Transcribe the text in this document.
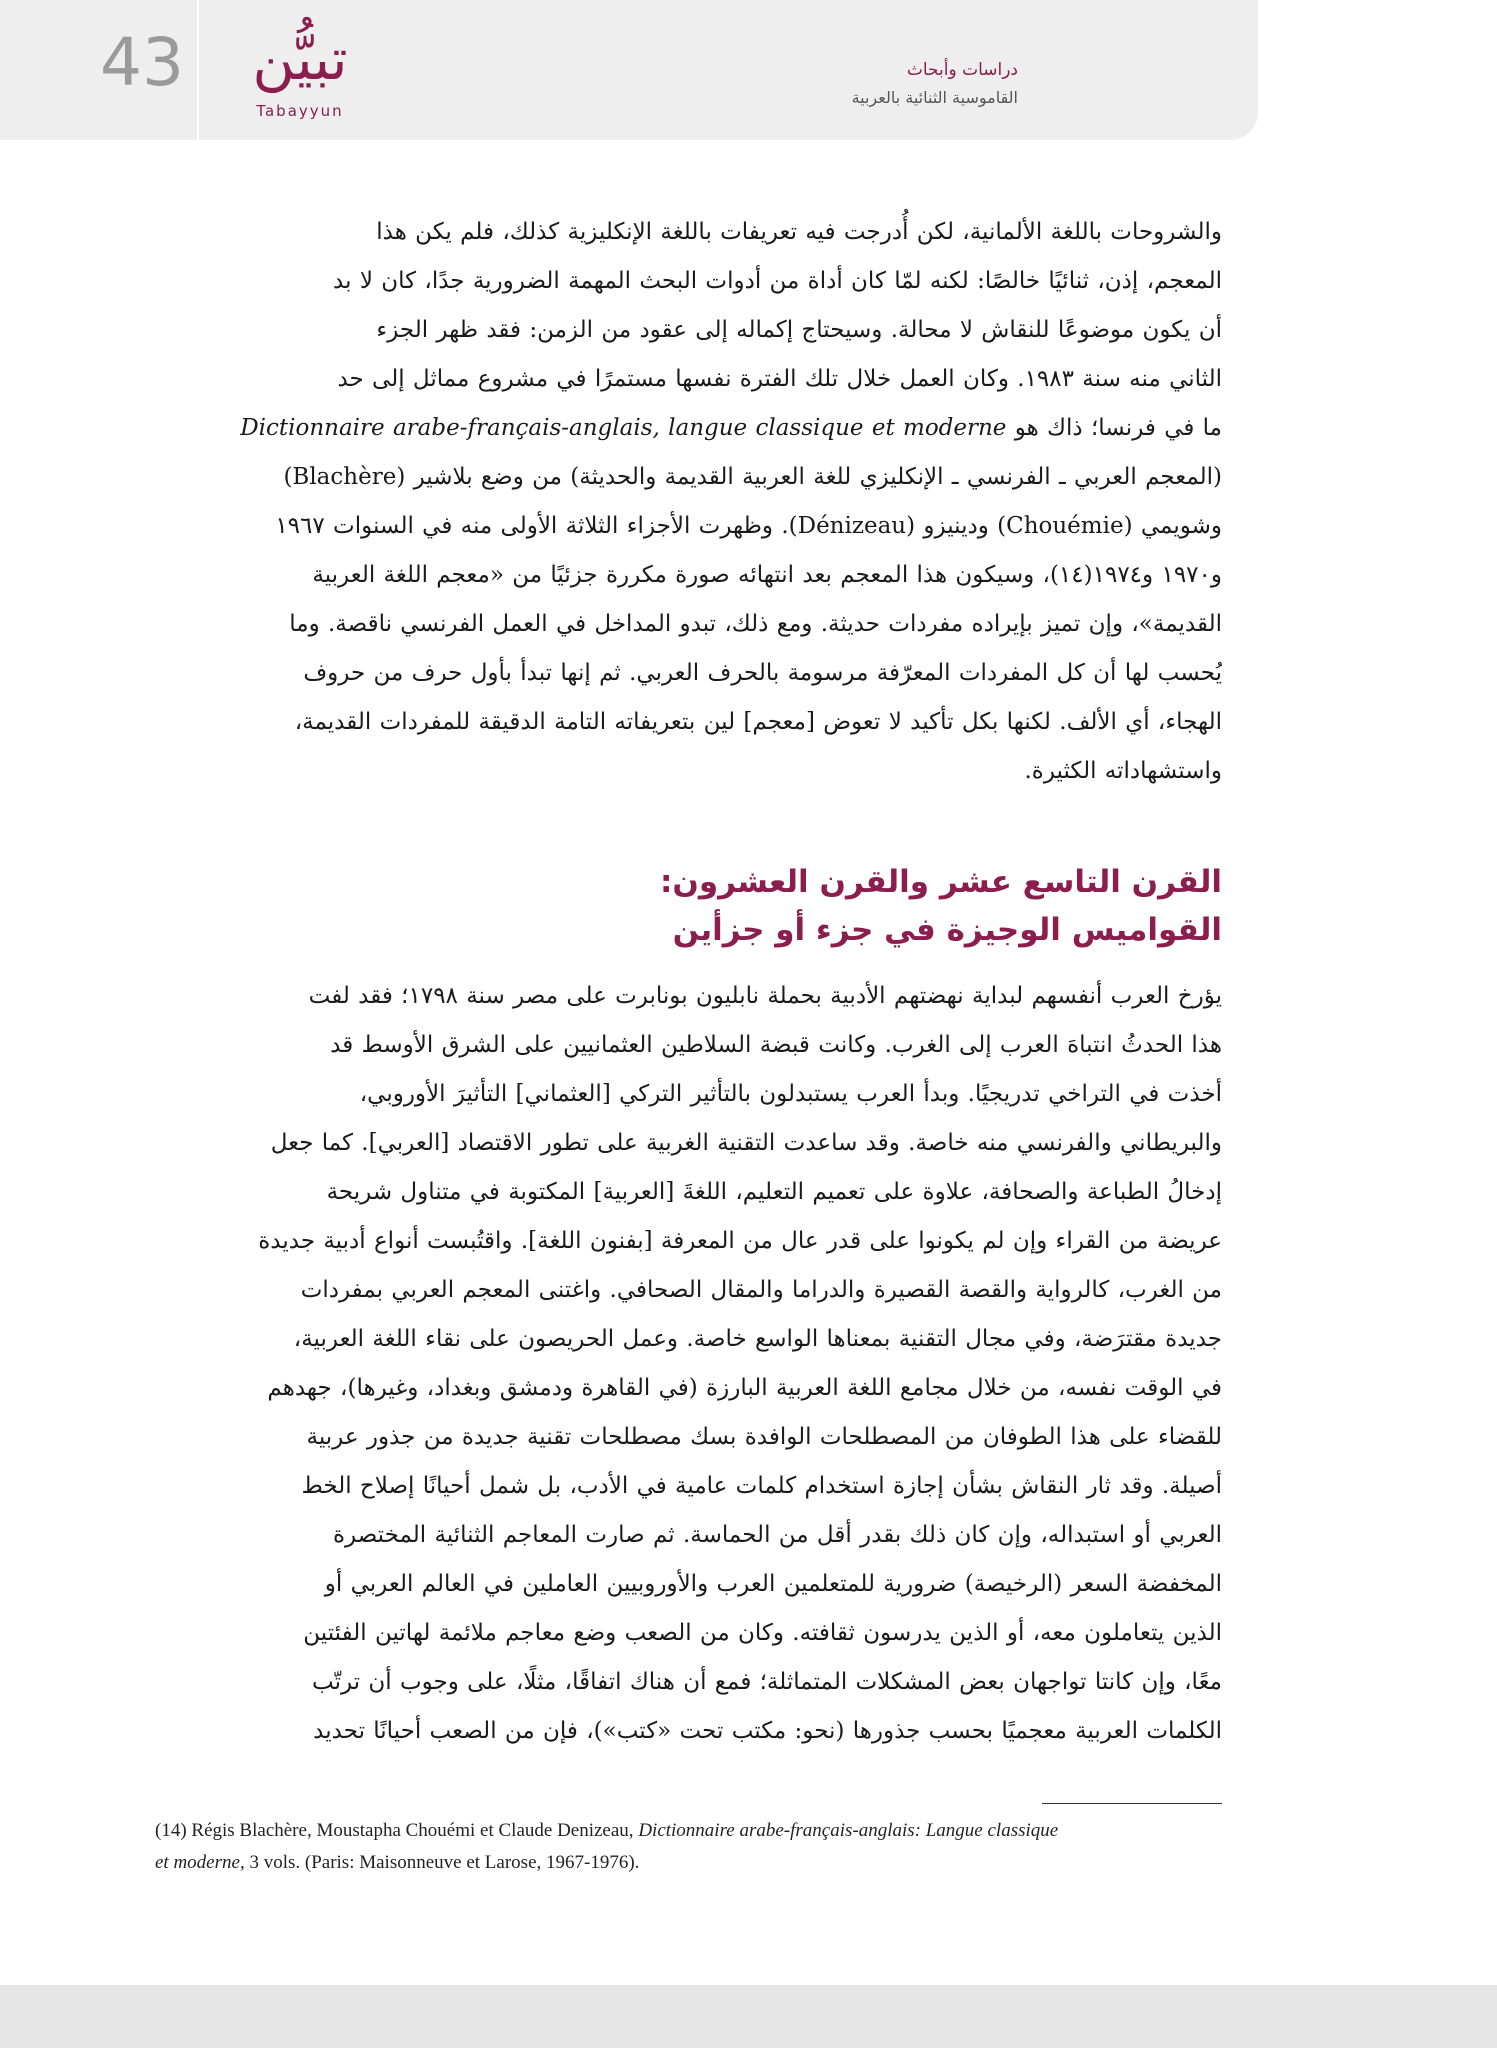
43	تبيُّن
Tabayyun
دراسات وأبحاث
القاموسية الثنائية بالعربية
والشروحات باللغة الألمانية، لكن أُدرجت فيه تعريفات باللغة الإنكليزية كذلك، فلم يكن هذا
المعجم، إذن، ثنائيًا خالصًا: لكنه لمّا كان أداة من أدوات البحث المهمة الضرورية جدًا، كان لا بد
أن يكون موضوعًا للنقاش لا محالة. وسيحتاج إكماله إلى عقود من الزمن: فقد ظهر الجزء
الثاني منه سنة ١٩٨٣. وكان العمل خلال تلك الفترة نفسها مستمرًا في مشروع مماثل إلى حد
ما في فرنسا؛ ذاك هو Dictionnaire arabe-français-anglais, langue classique et moderne
(المعجم العربي ـ الفرنسي ـ الإنكليزي للغة العربية القديمة والحديثة) من وضع بلاشير (Blachère)
وشويمي (Chouémie) ودينيزو (Dénizeau). وظهرت الأجزاء الثلاثة الأولى منه في السنوات ١٩٦٧
و١٩٧٠ و١٩٧٤(١٤)، وسيكون هذا المعجم بعد انتهائه صورة مكررة جزئيًا من «معجم اللغة العربية
القديمة»، وإن تميز بإيراده مفردات حديثة. ومع ذلك، تبدو المداخل في العمل الفرنسي ناقصة. وما
يُحسب لها أن كل المفردات المعرّفة مرسومة بالحرف العربي. ثم إنها تبدأ بأول حرف من حروف
الهجاء، أي الألف. لكنها بكل تأكيد لا تعوض [معجم] لين بتعريفاته التامة الدقيقة للمفردات القديمة،
واستشهاداته الكثيرة.
القرن التاسع عشر والقرن العشرون:
القواميس الوجيزة في جزء أو جزأين
يؤرخ العرب أنفسهم لبداية نهضتهم الأدبية بحملة نابليون بونابرت على مصر سنة ١٧٩٨؛ فقد لفت
هذا الحدثُ انتباهَ العرب إلى الغرب. وكانت قبضة السلاطين العثمانيين على الشرق الأوسط قد
أخذت في التراخي تدريجيًا. وبدأ العرب يستبدلون بالتأثير التركي [العثماني] التأثيرَ الأوروبي،
والبريطاني والفرنسي منه خاصة. وقد ساعدت التقنية الغربية على تطور الاقتصاد [العربي]. كما جعل
إدخالُ الطباعة والصحافة، علاوة على تعميم التعليم، اللغةَ [العربية] المكتوبة في متناول شريحة
عريضة من القراء وإن لم يكونوا على قدر عال من المعرفة [بفنون اللغة]. واقتُبست أنواع أدبية جديدة
من الغرب، كالرواية والقصة القصيرة والدراما والمقال الصحافي. واغتنى المعجم العربي بمفردات
جديدة مقترَضة، وفي مجال التقنية بمعناها الواسع خاصة. وعمل الحريصون على نقاء اللغة العربية،
في الوقت نفسه، من خلال مجامع اللغة العربية البارزة (في القاهرة ودمشق وبغداد، وغيرها)، جهدهم
للقضاء على هذا الطوفان من المصطلحات الوافدة بسك مصطلحات تقنية جديدة من جذور عربية
أصيلة. وقد ثار النقاش بشأن إجازة استخدام كلمات عامية في الأدب، بل شمل أحيانًا إصلاح الخط
العربي أو استبداله، وإن كان ذلك بقدر أقل من الحماسة. ثم صارت المعاجم الثنائية المختصرة
المخفضة السعر (الرخيصة) ضرورية للمتعلمين العرب والأوروبيين العاملين في العالم العربي أو
الذين يتعاملون معه، أو الذين يدرسون ثقافته. وكان من الصعب وضع معاجم ملائمة لهاتين الفئتين
معًا، وإن كانتا تواجهان بعض المشكلات المتماثلة؛ فمع أن هناك اتفاقًا، مثلًا، على وجوب أن ترتّب
الكلمات العربية معجميًا بحسب جذورها (نحو: مكتب تحت «كتب»)، فإن من الصعب أحيانًا تحديد
(14) Régis Blachère, Moustapha Chouémi et Claude Denizeau, Dictionnaire arabe-français-anglais: Langue classique
et moderne, 3 vols. (Paris: Maisonneuve et Larose, 1967-1976).
